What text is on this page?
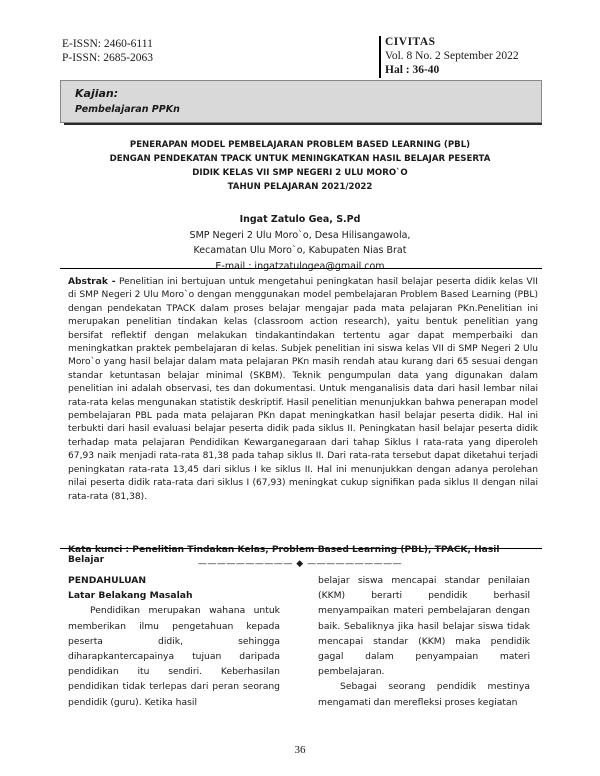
E-ISSN: 2460-6111
P-ISSN: 2685-2063
CIVITAS
Vol. 8 No. 2 September 2022
Hal : 36-40
Kajian:
Pembelajaran PPKn
PENERAPAN MODEL PEMBELAJARAN PROBLEM BASED LEARNING (PBL)
DENGAN PENDEKATAN TPACK UNTUK MENINGKATKAN HASIL BELAJAR PESERTA
DIDIK KELAS VII SMP NEGERI 2 ULU MORO`O
TAHUN PELAJARAN 2021/2022
Ingat Zatulo Gea, S.Pd
SMP Negeri 2 Ulu Moro`o, Desa Hilisangawola,
Kecamatan Ulu Moro`o, Kabupaten Nias Brat
E-mail : ingatzatulogea@gmail.com
Abstrak - Penelitian ini bertujuan untuk mengetahui peningkatan hasil belajar peserta didik kelas VII di SMP Negeri 2 Ulu Moro`o dengan menggunakan model pembelajaran Problem Based Learning (PBL) dengan pendekatan TPACK dalam proses belajar mengajar pada mata pelajaran PKn.Penelitian ini merupakan penelitian tindakan kelas (classroom action research), yaitu bentuk penelitian yang bersifat reflektif dengan melakukan tindakantindakan tertentu agar dapat memperbaiki dan meningkatkan praktek pembelajaran di kelas. Subjek penelitian ini siswa kelas VII di SMP Negeri 2 Ulu Moro`o yang hasil belajar dalam mata pelajaran PKn masih rendah atau kurang dari 65 sesuai dengan standar ketuntasan belajar minimal (SKBM). Teknik pengumpulan data yang digunakan dalam penelitian ini adalah observasi, tes dan dokumentasi. Untuk menganalisis data dari hasil lembar nilai rata-rata kelas mengunakan statistik deskriptif. Hasil penelitian menunjukkan bahwa penerapan model pembelajaran PBL pada mata pelajaran PKn dapat meningkatkan hasil belajar peserta didik. Hal ini terbukti dari hasil evaluasi belajar peserta didik pada siklus II. Peningkatan hasil belajar peserta didik terhadap mata pelajaran Pendidikan Kewarganegaraan dari tahap Siklus I rata-rata yang diperoleh 67,93 naik menjadi rata-rata 81,38 pada tahap siklus II. Dari rata-rata tersebut dapat diketahui terjadi peningkatan rata-rata 13,45 dari siklus I ke siklus II. Hal ini menunjukkan dengan adanya perolehan nilai peserta didik rata-rata dari siklus I (67,93) meningkat cukup signifikan pada siklus II dengan nilai rata-rata (81,38).
Kata kunci : Penelitian Tindakan Kelas, Problem Based Learning (PBL), TPACK, Hasil Belajar	—————————— ◆ ——————————
PENDAHULUAN
Latar Belakang Masalah

Pendidikan merupakan wahana untuk memberikan ilmu pengetahuan kepada peserta didik, sehingga diharapkantercapainya tujuan daripada pendidikan itu sendiri. Keberhasilan pendidikan tidak terlepas dari peran seorang pendidik (guru). Ketika hasil

belajar siswa mencapai standar penilaian (KKM) berarti pendidik berhasil menyampaikan materi pembelajaran dengan baik. Sebaliknya jika hasil belajar siswa tidak mencapai standar (KKM) maka pendidik gagal dalam penyampaian materi pembelajaran.

Sebagai seorang pendidik mestinya mengamati dan merefleksi proses kegiatan

36
